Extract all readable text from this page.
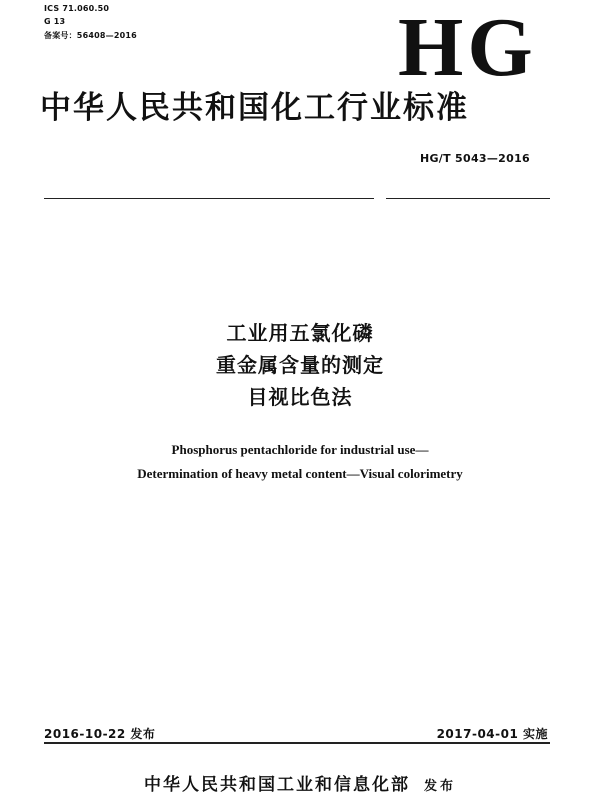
ICS 71.060.50
G 13
备案号：56408—2016	HG
中华人民共和国化工行业标准
HG/T 5043—2016
工业用五氯化磷
重金属含量的测定
目视比色法
Phosphorus pentachloride for industrial use—
Determination of heavy metal content—Visual colorimetry
2016-10-22 发布	2017-04-01 实施
中华人民共和国工业和信息化部 发布
